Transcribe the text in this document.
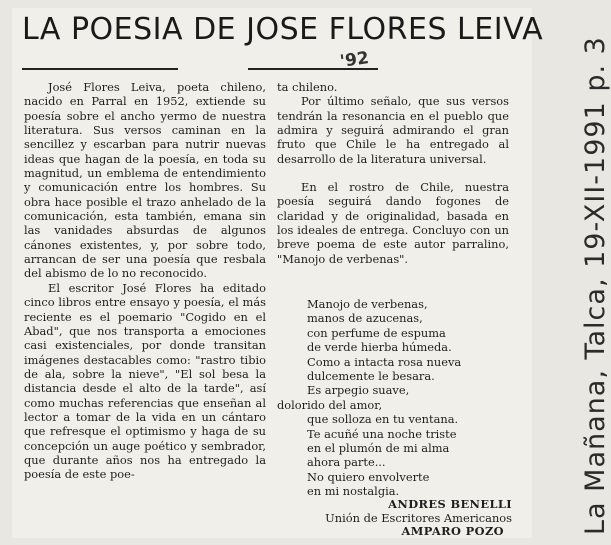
LA POESIA DE JOSE FLORES LEIVA
'92

José Flores Leiva, poeta chileno, nacido en Parral en 1952, extiende su poesía sobre el ancho yermo de nuestra literatura. Sus versos caminan en la sencillez y escarban para nutrir nuevas ideas que hagan de la poesía, en toda su magnitud, un emblema de entendimiento y comunicación entre los hombres. Su obra hace posible el trazo anhelado de la comunicación, esta también, emana sin las vanidades absurdas de algunos cánones existentes, y, por sobre todo, arrancan de ser una poesía que resbala del abismo de lo no reconocido.

El escritor José Flores ha editado cinco libros entre ensayo y poesía, el más reciente es el poemario "Cogido en el Abad", que nos transporta a emociones casi existenciales, por donde transitan imágenes destacables como: "rastro tibio de ala, sobre la nieve", "El sol besa la distancia desde el alto de la tarde", así como muchas referencias que enseñan al lector a tomar de la vida en un cántaro que refresque el optimismo y haga de su concepción un auge poético y sembrador, que durante años nos ha entregado la poesía de este poe-

ta chileno.

Por último señalo, que sus versos tendrán la resonancia en el pueblo que admira y seguirá admirando el gran fruto que Chile le ha entregado al desarrollo de la literatura universal.

En el rostro de Chile, nuestra poesía seguirá dando fogones de claridad y de originalidad, basada en los ideales de entrega. Concluyo con un breve poema de este autor parralino, "Manojo de verbenas".

Manojo de verbenas,
manos de azucenas,
con perfume de espuma
de verde hierba húmeda.
Como a intacta rosa nueva
dulcemente le besara.
Es arpegio suave,
dolorido del amor,
que solloza en tu ventana.
Te acuñé una noche triste
en el plumón de mi alma
ahora parte...
No quiero envolverte
en mi nostalgia.
ANDRES BENELLI
Unión de Escritores Americanos
AMPARO POZO	La Mañana, Talca, 19-XII-1991 p. 3
